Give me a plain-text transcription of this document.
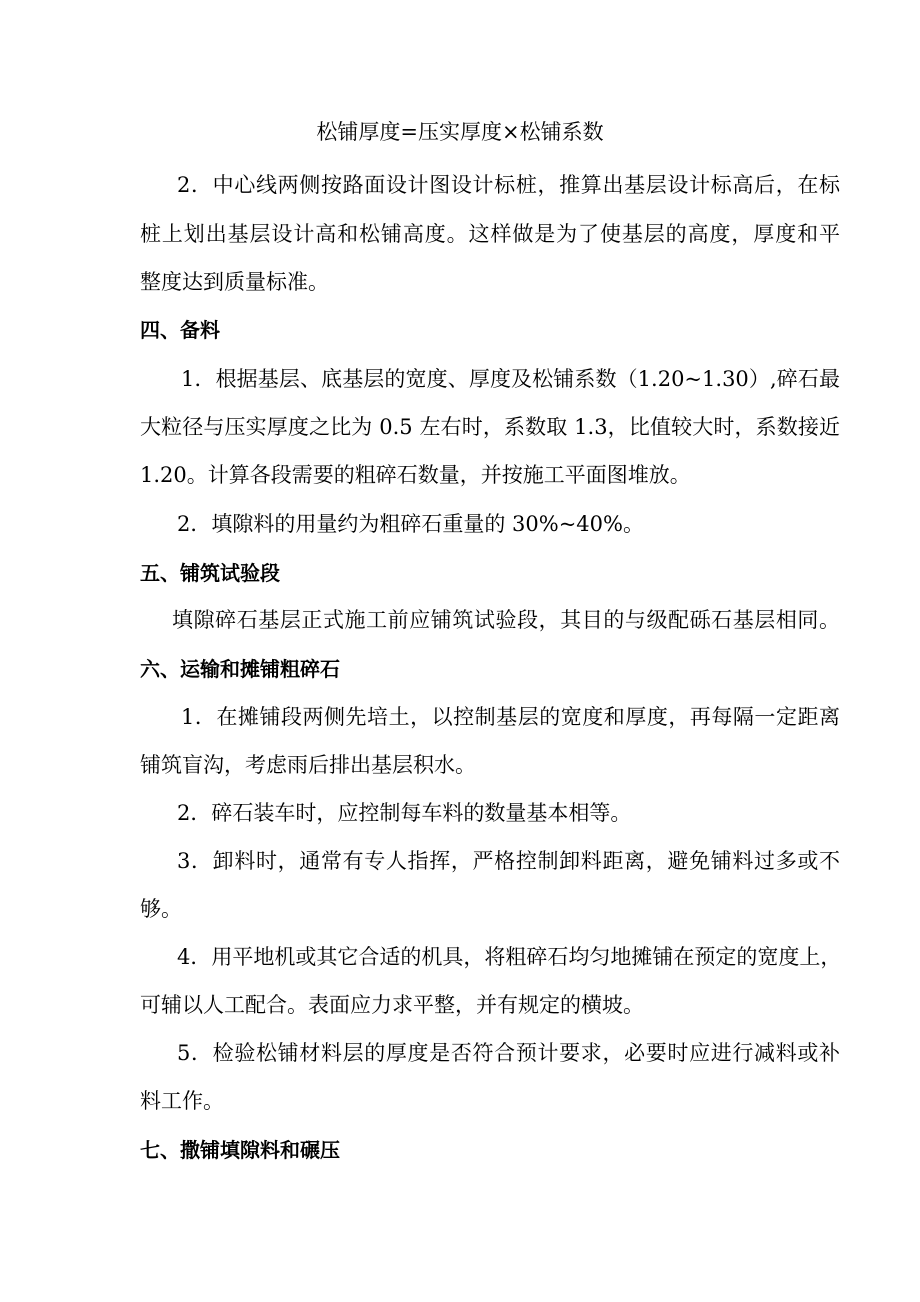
松铺厚度=压实厚度×松铺系数
2．中心线两侧按路面设计图设计标桩，推算出基层设计标高后，在标
桩上划出基层设计高和松铺高度。这样做是为了使基层的高度，厚度和平
整度达到质量标准。
四、备料
1．根据基层、底基层的宽度、厚度及松铺系数（1.20~1.30）,碎石最
大粒径与压实厚度之比为 0.5 左右时，系数取 1.3，比值较大时，系数接近
1.20。计算各段需要的粗碎石数量，并按施工平面图堆放。
2．填隙料的用量约为粗碎石重量的 30%~40%。
五、铺筑试验段
填隙碎石基层正式施工前应铺筑试验段，其目的与级配砾石基层相同。
六、运输和摊铺粗碎石
1．在摊铺段两侧先培土，以控制基层的宽度和厚度，再每隔一定距离
铺筑盲沟，考虑雨后排出基层积水。
2．碎石装车时，应控制每车料的数量基本相等。
3．卸料时，通常有专人指挥，严格控制卸料距离，避免铺料过多或不
够。
4．用平地机或其它合适的机具，将粗碎石均匀地摊铺在预定的宽度上，
可辅以人工配合。表面应力求平整，并有规定的横坡。
5．检验松铺材料层的厚度是否符合预计要求，必要时应进行减料或补
料工作。
七、撒铺填隙料和碾压
